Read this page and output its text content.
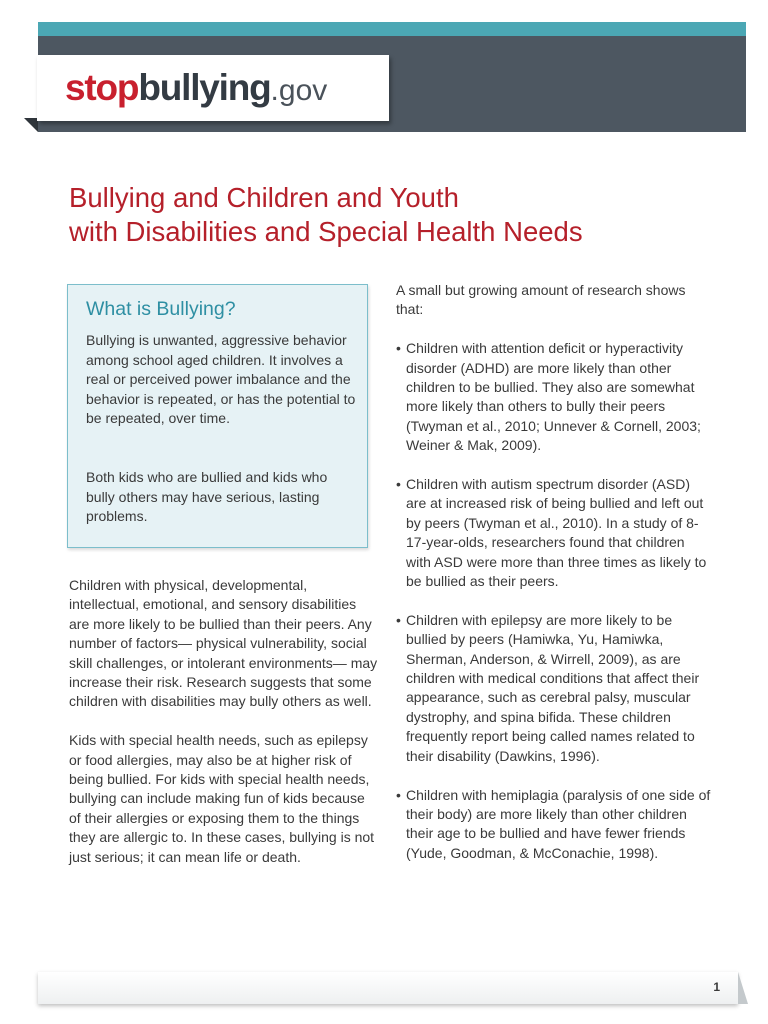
stopbullying.gov
Bullying and Children and Youth
with Disabilities and Special Health Needs
What is Bullying?
Bullying is unwanted, aggressive behavior among school aged children. It involves a real or perceived power imbalance and the behavior is repeated, or has the potential to be repeated, over time.
Both kids who are bullied and kids who bully others may have serious, lasting problems.

Children with physical, developmental, intellectual, emotional, and sensory disabilities are more likely to be bullied than their peers. Any number of factors— physical vulnerability, social skill challenges, or intolerant environments— may increase their risk. Research suggests that some children with disabilities may bully others as well.

Kids with special health needs, such as epilepsy or food allergies, may also be at higher risk of being bullied. For kids with special health needs, bullying can include making fun of kids because of their allergies or exposing them to the things they are allergic to. In these cases, bullying is not just serious; it can mean life or death.

A small but growing amount of research shows that:

• Children with attention deficit or hyperactivity disorder (ADHD) are more likely than other children to be bullied. They also are somewhat more likely than others to bully their peers (Twyman et al., 2010; Unnever & Cornell, 2003; Weiner & Mak, 2009).
• Children with autism spectrum disorder (ASD) are at increased risk of being bullied and left out by peers (Twyman et al., 2010). In a study of 8-17-year-olds, researchers found that children with ASD were more than three times as likely to be bullied as their peers.
• Children with epilepsy are more likely to be bullied by peers (Hamiwka, Yu, Hamiwka, Sherman, Anderson, & Wirrell, 2009), as are children with medical conditions that affect their appearance, such as cerebral palsy, muscular dystrophy, and spina bifida. These children frequently report being called names related to their disability (Dawkins, 1996).
• Children with hemiplagia (paralysis of one side of their body) are more likely than other children their age to be bullied and have fewer friends (Yude, Goodman, & McConachie, 1998).
1
